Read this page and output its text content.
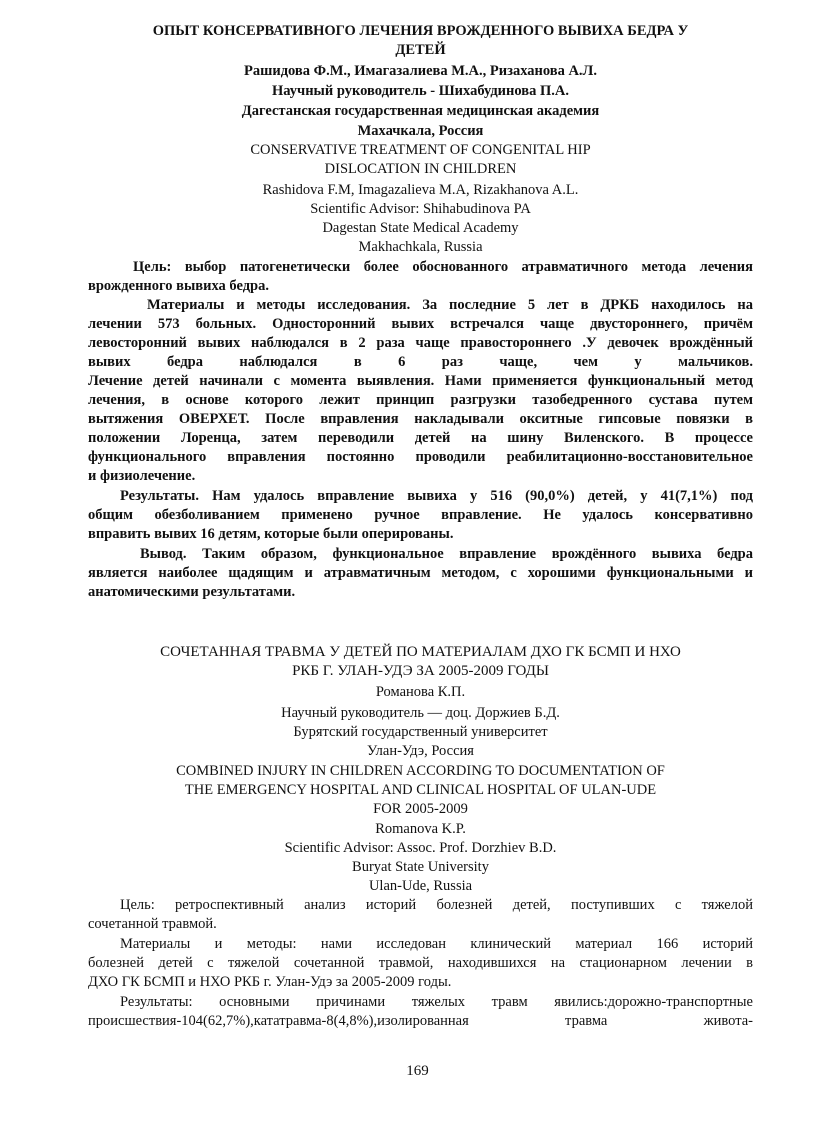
ОПЫТ КОНСЕРВАТИВНОГО ЛЕЧЕНИЯ ВРОЖДЕННОГО ВЫВИХА БЕДРА У
ДЕТЕЙ
Рашидова Ф.М., Имагазалиева М.А., Ризаханова А.Л.
Научный руководитель - Шихабудинова П.А.
Дагестанская государственная медицинская академия
Махачкала, Россия
CONSERVATIVE TREATMENT OF CONGENITAL HIP
DISLOCATION IN CHILDREN
Rashidova F.M, Imagazalieva M.A, Rizakhanova A.L.
Scientific Advisor: Shihabudinova PA
Dagestan State Medical Academy
Makhachkala, Russia
Цель: выбор патогенетически более обоснованного атравматичного метода лечения
врожденного вывиха бедра.
Материалы и методы исследования. За последние 5 лет в ДРКБ находилось на
лечении 573 больных. Односторонний вывих встречался чаще двустороннего, причём
левосторонний вывих наблюдался в 2 раза чаще правостороннего .У девочек врождённый
вывих бедра наблюдался в 6 раз чаще, чем у мальчиков.
Лечение детей начинали с момента выявления. Нами применяется функциональный метод
лечения, в основе которого лежит принцип разгрузки тазобедренного сустава путем
вытяжения ОВЕРХЕТ. После вправления накладывали окситные гипсовые повязки в
положении Лоренца, затем переводили детей на шину Виленского. В процессе
функционального вправления постоянно проводили реабилитационно-восстановительное
и физиолечение.
Результаты. Нам удалось вправление вывиха у 516 (90,0%) детей, у 41(7,1%) под
общим обезболиванием применено ручное вправление. Не удалось консервативно
вправить вывих 16 детям, которые были оперированы.
Вывод. Таким образом, функциональное вправление врождённого вывиха бедра
является наиболее щадящим и атравматичным методом, с хорошими функциональными и
анатомическими результатами.
СОЧЕТАННАЯ ТРАВМА У ДЕТЕЙ ПО МАТЕРИАЛАМ ДХО ГК БСМП И НХО
РКБ Г. УЛАН-УДЭ ЗА 2005-2009 ГОДЫ
Романова К.П.
Научный руководитель — доц. Доржиев Б.Д.
Бурятский государственный университет
Улан-Удэ, Россия
COMBINED INJURY IN CHILDREN ACCORDING TO DOCUMENTATION OF
THE EMERGENCY HOSPITAL AND CLINICAL HOSPITAL OF ULAN-UDE
FOR 2005-2009
Romanova K.P.
Scientific Advisor: Assoc. Prof. Dorzhiev B.D.
Buryat State University
Ulan-Ude, Russia
Цель: ретроспективный анализ историй болезней детей, поступивших с тяжелой
сочетанной травмой.
Материалы и методы: нами исследован клинический материал 166 историй
болезней детей с тяжелой сочетанной травмой, находившихся на стационарном лечении в
ДХО ГК БСМП и НХО РКБ г. Улан-Удэ за 2005-2009 годы.
Результаты: основными причинами тяжелых травм явились:дорожно-транспортные
происшествия-104(62,7%),кататравма-8(4,8%),изолированная травма живота-
169
